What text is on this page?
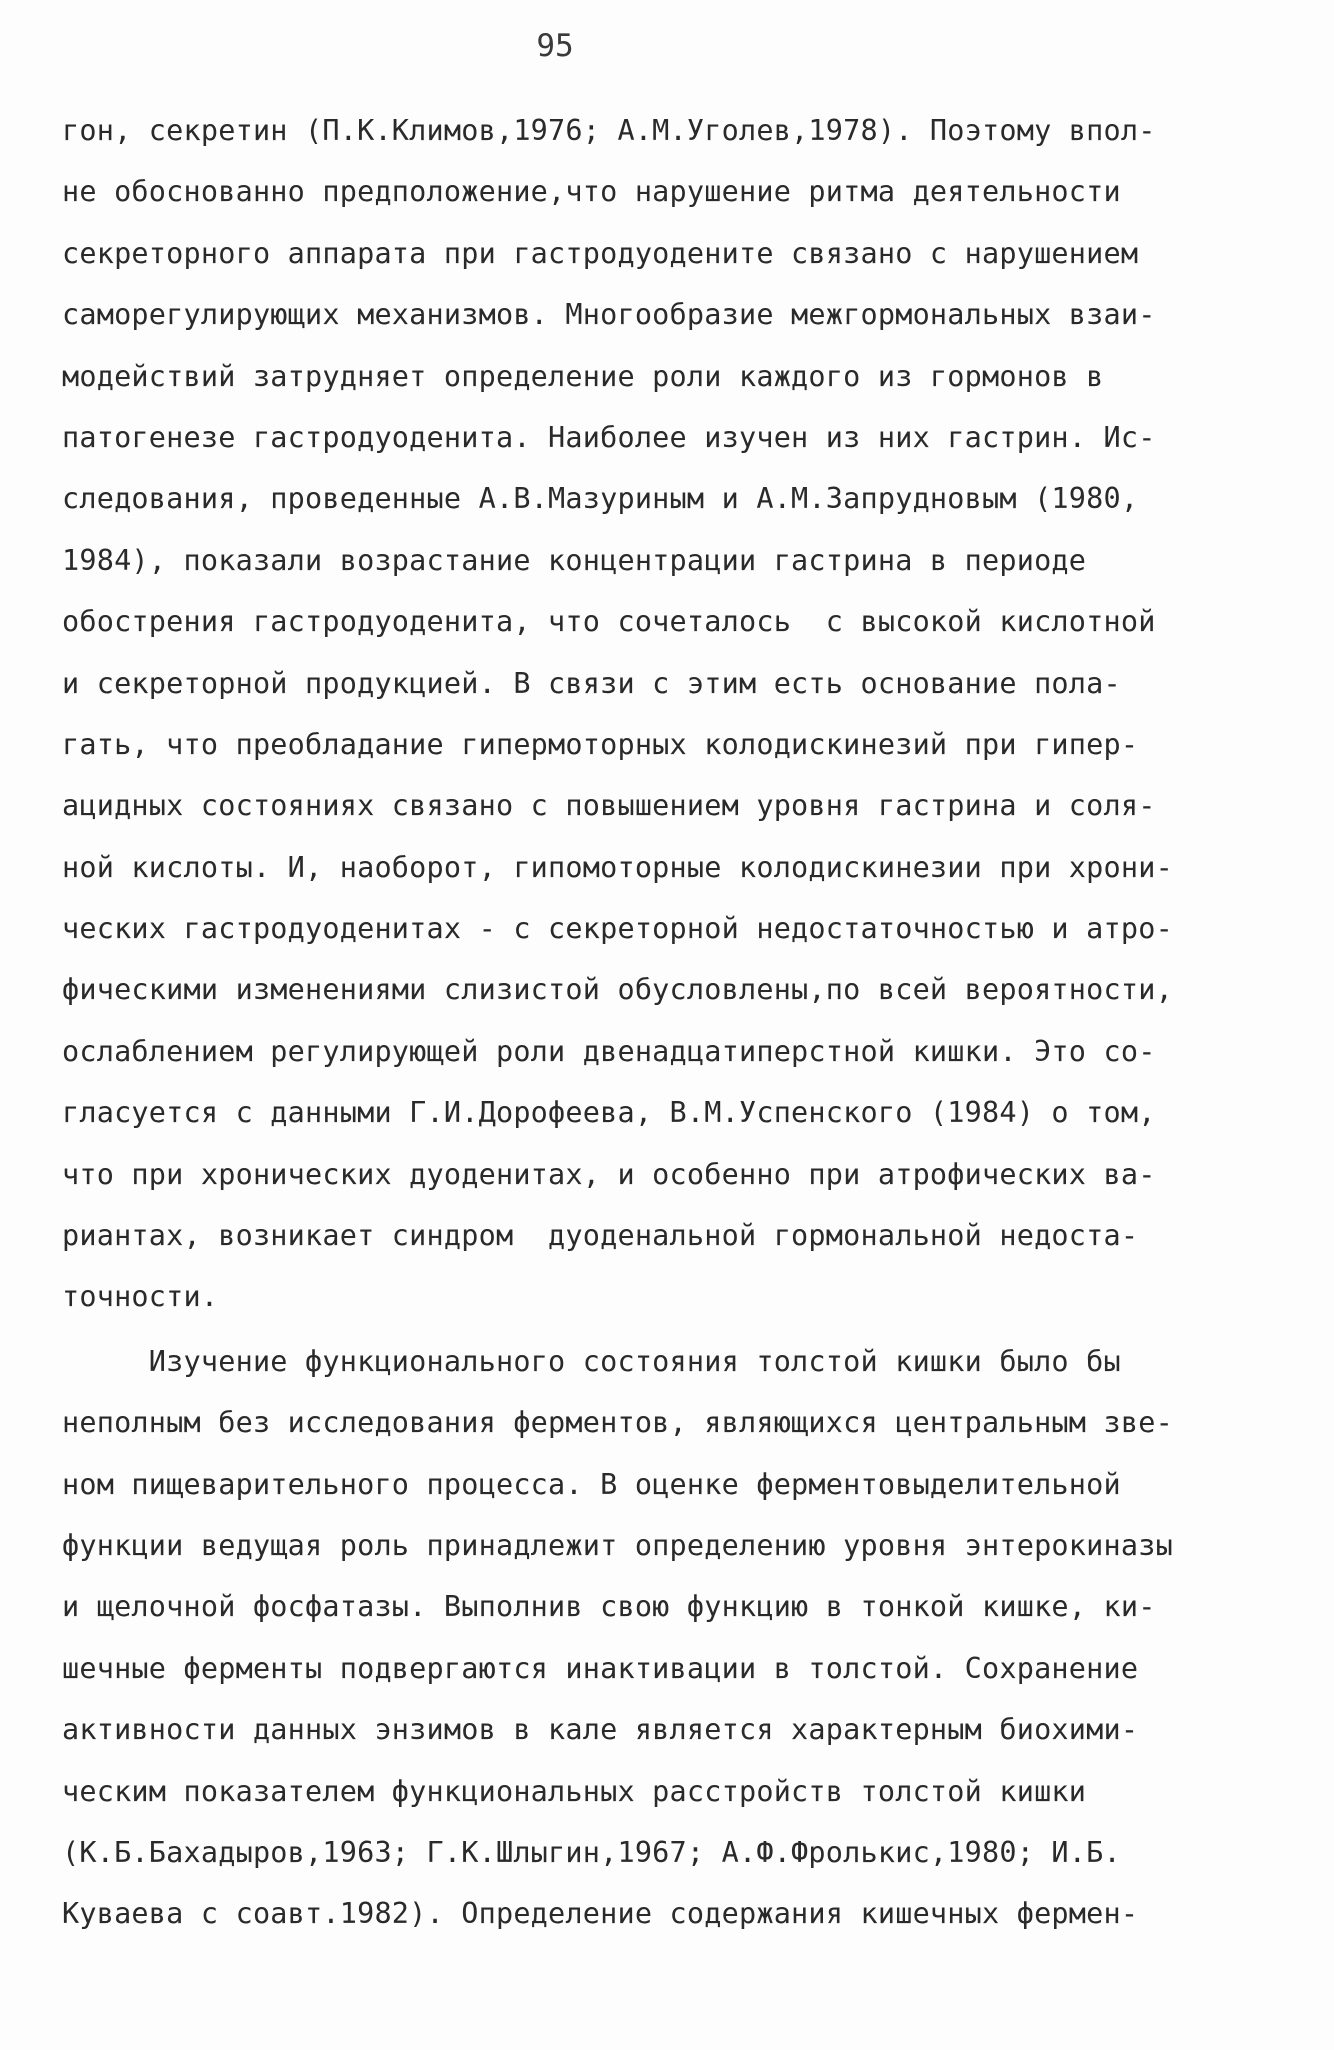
95
гон, секретин (П.К.Климов,1976; А.М.Уголев,1978). Поэтому впол-
не обоснованно предположение,что нарушение ритма деятельности
секреторного аппарата при гастродуодените связано с нарушением
саморегулирующих механизмов. Многообразие межгормональных взаи-
модействий затрудняет определение роли каждого из гормонов в
патогенезе гастродуоденита. Наиболее изучен из них гастрин. Ис-
следования, проведенные А.В.Мазуриным и А.М.Запрудновым (1980,
1984), показали возрастание концентрации гастрина в периоде
обострения гастродуоденита, что сочеталось  с высокой кислотной
и секреторной продукцией. В связи с этим есть основание пола-
гать, что преобладание гипермоторных колодискинезий при гипер-
ацидных состояниях связано с повышением уровня гастрина и соля-
ной кислоты. И, наоборот, гипомоторные колодискинезии при хрони-
ческих гастродуоденитах - с секреторной недостаточностью и атро-
фическими изменениями слизистой обусловлены,по всей вероятности,
ослаблением регулирующей роли двенадцатиперстной кишки. Это со-
гласуется с данными Г.И.Дорофеева, В.М.Успенского (1984) о том,
что при хронических дуоденитах, и особенно при атрофических ва-
риантах, возникает синдром  дуоденальной гормональной недоста-
точности.
Изучение функционального состояния толстой кишки было бы
неполным без исследования ферментов, являющихся центральным зве-
ном пищеварительного процесса. В оценке ферментовыделительной
функции ведущая роль принадлежит определению уровня энтерокиназы
и щелочной фосфатазы. Выполнив свою функцию в тонкой кишке, ки-
шечные ферменты подвергаются инактивации в толстой. Сохранение
активности данных энзимов в кале является характерным биохими-
ческим показателем функциональных расстройств толстой кишки
(К.Б.Бахадыров,1963; Г.К.Шлыгин,1967; А.Ф.Фролькис,1980; И.Б.
Куваева с соавт.1982). Определение содержания кишечных фермен-
